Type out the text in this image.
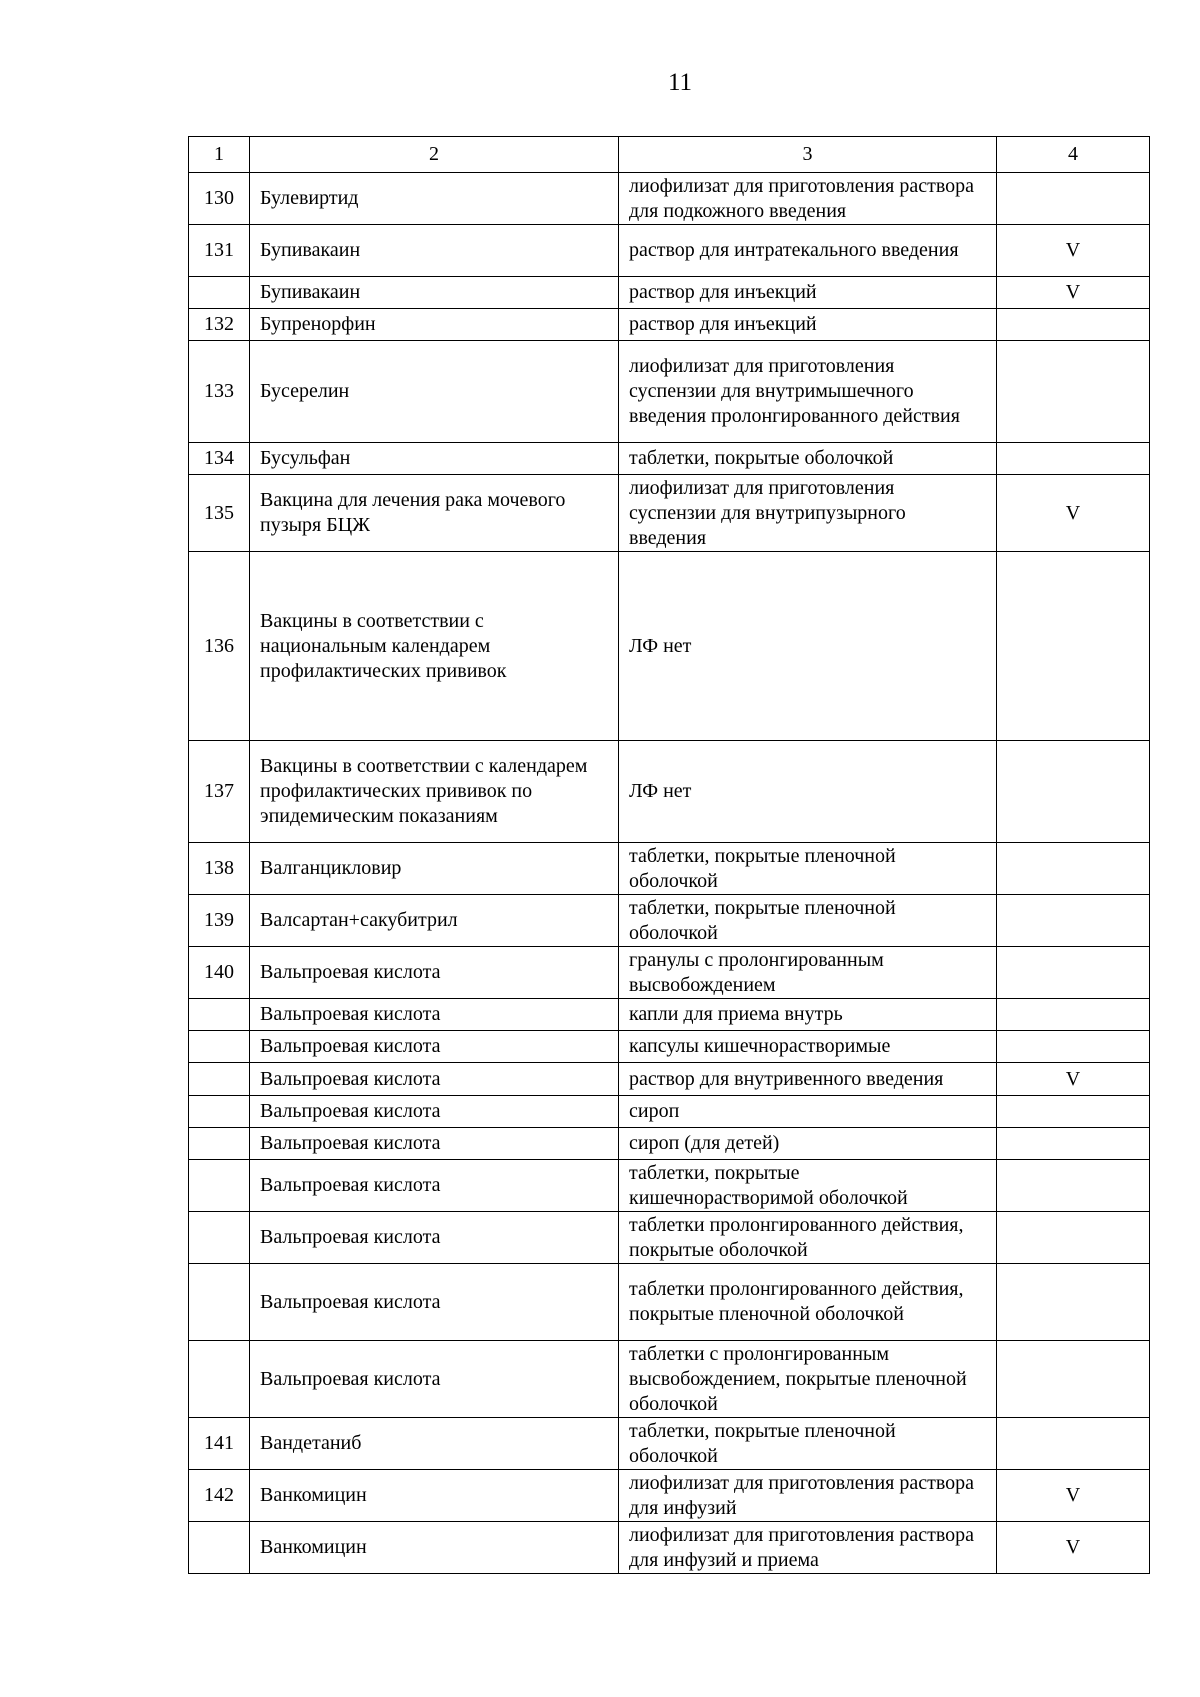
11
1	2	3	4
130	Булевиртид	лиофилизат для приготовления раствора для подкожного введения	
131	Бупивакаин	раствор для интратекального введения	V
	Бупивакаин	раствор для инъекций	V
132	Бупренорфин	раствор для инъекций	
133	Бусерелин	лиофилизат для приготовления суспензии для внутримышечного введения пролонгированного действия	
134	Бусульфан	таблетки, покрытые оболочкой	
135	Вакцина для лечения рака мочевого пузыря БЦЖ	лиофилизат для приготовления суспензии для внутрипузырного введения	V
136	Вакцины в соответствии с национальным календарем профилактических прививок	ЛФ нет	
137	Вакцины в соответствии с календарем профилактических прививок по эпидемическим показаниям	ЛФ нет	
138	Валганцикловир	таблетки, покрытые пленочной оболочкой	
139	Валсартан+сакубитрил	таблетки, покрытые пленочной оболочкой	
140	Вальпроевая кислота	гранулы с пролонгированным высвобождением	
	Вальпроевая кислота	капли для приема внутрь	
	Вальпроевая кислота	капсулы кишечнорастворимые	
	Вальпроевая кислота	раствор для внутривенного введения	V
	Вальпроевая кислота	сироп	
	Вальпроевая кислота	сироп (для детей)	
	Вальпроевая кислота	таблетки, покрытые кишечнорастворимой оболочкой	
	Вальпроевая кислота	таблетки пролонгированного действия, покрытые оболочкой	
	Вальпроевая кислота	таблетки пролонгированного действия, покрытые пленочной оболочкой	
	Вальпроевая кислота	таблетки с пролонгированным высвобождением, покрытые пленочной оболочкой	
141	Вандетаниб	таблетки, покрытые пленочной оболочкой	
142	Ванкомицин	лиофилизат для приготовления раствора для инфузий	V
	Ванкомицин	лиофилизат для приготовления раствора для инфузий и приема	V
